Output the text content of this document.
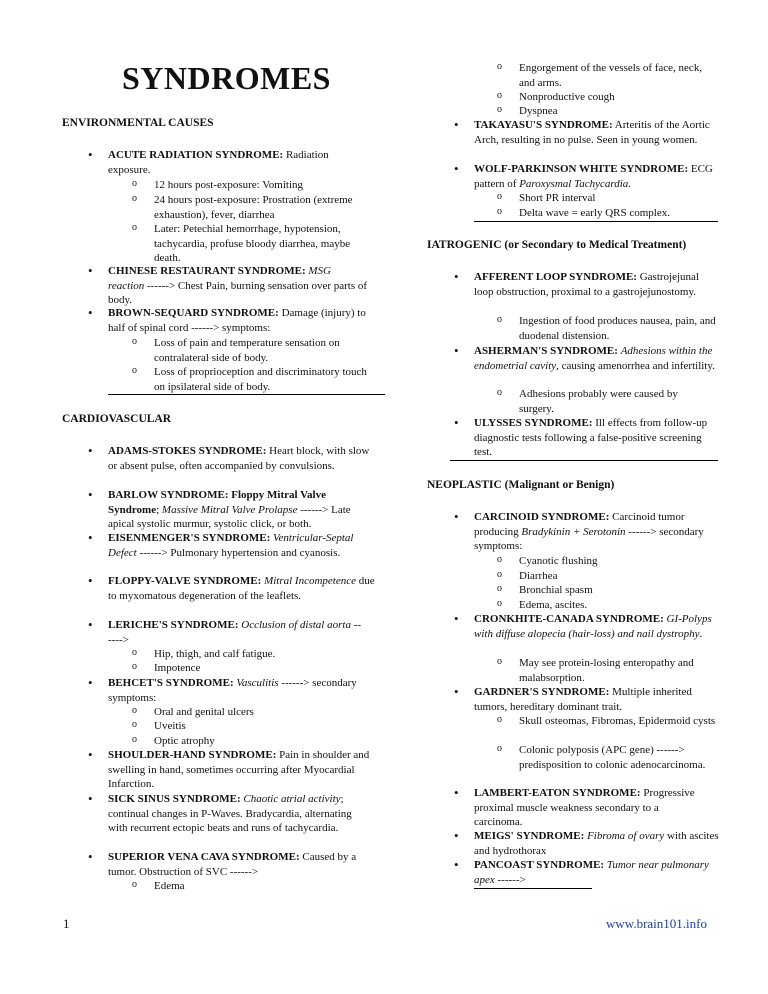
SYNDROMES
ENVIRONMENTAL CAUSES
• ACUTE RADIATION SYNDROME: Radiation exposure.
o 12 hours post-exposure: Vomiting
o 24 hours post-exposure: Prostration (extreme exhaustion), fever, diarrhea
o Later: Petechial hemorrhage, hypotension, tachycardia, profuse bloody diarrhea, maybe death.
• CHINESE RESTAURANT SYNDROME: MSG reaction ------> Chest Pain, burning sensation over parts of body.
• BROWN-SEQUARD SYNDROME: Damage (injury) to half of spinal cord ------> symptoms:
o Loss of pain and temperature sensation on contralateral side of body.
o Loss of proprioception and discriminatory touch on ipsilateral side of body.
CARDIOVASCULAR
• ADAMS-STOKES SYNDROME: Heart block, with slow or absent pulse, often accompanied by convulsions.
• BARLOW SYNDROME: Floppy Mitral Valve Syndrome; Massive Mitral Valve Prolapse ------> Late apical systolic murmur, systolic click, or both.
• EISENMENGER'S SYNDROME: Ventricular-Septal Defect ------> Pulmonary hypertension and cyanosis.
• FLOPPY-VALVE SYNDROME: Mitral Incompetence due to myxomatous degeneration of the leaflets.
• LERICHE'S SYNDROME: Occlusion of distal aorta ------>
o Hip, thigh, and calf fatigue.
o Impotence
• BEHCET'S SYNDROME: Vasculitis ------> secondary symptoms:
o Oral and genital ulcers
o Uveitis
o Optic atrophy
• SHOULDER-HAND SYNDROME: Pain in shoulder and swelling in hand, sometimes occurring after Myocardial Infarction.
• SICK SINUS SYNDROME: Chaotic atrial activity; continual changes in P-Waves. Bradycardia, alternating with recurrent ectopic beats and runs of tachycardia.
• SUPERIOR VENA CAVA SYNDROME: Caused by a tumor. Obstruction of SVC ------>
o Edema
o Engorgement of the vessels of face, neck, and arms.
o Nonproductive cough
o Dyspnea
• TAKAYASU'S SYNDROME: Arteritis of the Aortic Arch, resulting in no pulse. Seen in young women.
• WOLF-PARKINSON WHITE SYNDROME: ECG pattern of Paroxysmal Tachycardia.
o Short PR interval
o Delta wave = early QRS complex.
IATROGENIC (or Secondary to Medical Treatment)
• AFFERENT LOOP SYNDROME: Gastrojejunal loop obstruction, proximal to a gastrojejunostomy.
o Ingestion of food produces nausea, pain, and duodenal distension.
• ASHERMAN'S SYNDROME: Adhesions within the endometrial cavity, causing amenorrhea and infertility.
o Adhesions probably were caused by surgery.
• ULYSSES SYNDROME: Ill effects from follow-up diagnostic tests following a false-positive screening test.
NEOPLASTIC (Malignant or Benign)
• CARCINOID SYNDROME: Carcinoid tumor producing Bradykinin + Serotonin ------> secondary symptoms:
o Cyanotic flushing
o Diarrhea
o Bronchial spasm
o Edema, ascites.
• CRONKHITE-CANADA SYNDROME: GI-Polyps with diffuse alopecia (hair-loss) and nail dystrophy.
o May see protein-losing enteropathy and malabsorption.
• GARDNER'S SYNDROME: Multiple inherited tumors, hereditary dominant trait.
o Skull osteomas, Fibromas, Epidermoid cysts
o Colonic polyposis (APC gene) ------> predisposition to colonic adenocarcinoma.
• LAMBERT-EATON SYNDROME: Progressive proximal muscle weakness secondary to a carcinoma.
• MEIGS' SYNDROME: Fibroma of ovary with ascites and hydrothorax
• PANCOAST SYNDROME: Tumor near pulmonary apex ------>
1	www.brain101.info
